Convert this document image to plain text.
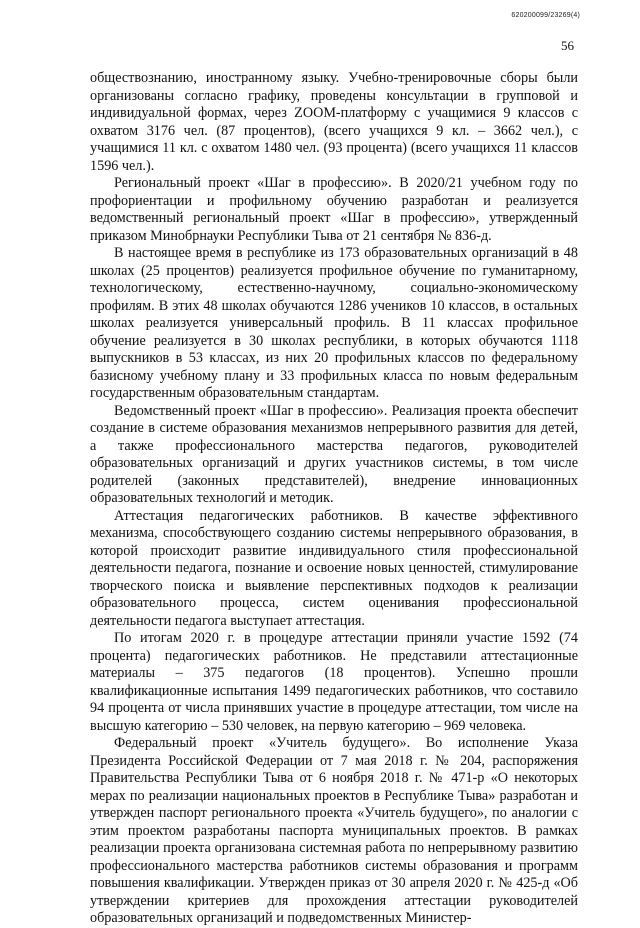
620200099/23269(4)
56

обществознанию, иностранному языку. Учебно-тренировочные сборы были организованы согласно графику, проведены консультации в групповой и индивидуальной формах, через ZOOM-платформу с учащимися 9 классов с охватом 3176 чел. (87 процентов), (всего учащихся 9 кл. – 3662 чел.), с учащимися 11 кл. с охватом 1480 чел. (93 процента) (всего учащихся 11 классов 1596 чел.).

Региональный проект «Шаг в профессию». В 2020/21 учебном году по профориентации и профильному обучению разработан и реализуется ведомственный региональный проект «Шаг в профессию», утвержденный приказом Минобрнауки Республики Тыва от 21 сентября № 836-д.

В настоящее время в республике из 173 образовательных организаций в 48 школах (25 процентов) реализуется профильное обучение по гуманитарному, технологическому, естественно-научному, социально-экономическому профилям. В этих 48 школах обучаются 1286 учеников 10 классов, в остальных школах реализуется универсальный профиль. В 11 классах профильное обучение реализуется в 30 школах республики, в которых обучаются 1118 выпускников в 53 классах, из них 20 профильных классов по федеральному базисному учебному плану и 33 профильных класса по новым федеральным государственным образовательным стандартам.

Ведомственный проект «Шаг в профессию». Реализация проекта обеспечит создание в системе образования механизмов непрерывного развития для детей, а также профессионального мастерства педагогов, руководителей образовательных организаций и других участников системы, в том числе родителей (законных представителей), внедрение инновационных образовательных технологий и методик.

Аттестация педагогических работников. В качестве эффективного механизма, способствующего созданию системы непрерывного образования, в которой происходит развитие индивидуального стиля профессиональной деятельности педагога, познание и освоение новых ценностей, стимулирование творческого поиска и выявление перспективных подходов к реализации образовательного процесса, систем оценивания профессиональной деятельности педагога выступает аттестация.

По итогам 2020 г. в процедуре аттестации приняли участие 1592 (74 процента) педагогических работников. Не представили аттестационные материалы – 375 педагогов (18 процентов). Успешно прошли квалификационные испытания 1499 педагогических работников, что составило 94 процента от числа принявших участие в процедуре аттестации, том числе на высшую категорию – 530 человек, на первую категорию – 969 человека.

Федеральный проект «Учитель будущего». Во исполнение Указа Президента Российской Федерации от 7 мая 2018 г. № 204, распоряжения Правительства Республики Тыва от 6 ноября 2018 г. № 471-р «О некоторых мерах по реализации национальных проектов в Республике Тыва» разработан и утвержден паспорт регионального проекта «Учитель будущего», по аналогии с этим проектом разработаны паспорта муниципальных проектов. В рамках реализации проекта организована системная работа по непрерывному развитию профессионального мастерства работников системы образования и программ повышения квалификации. Утвержден приказ от 30 апреля 2020 г. № 425-д «Об утверждении критериев для прохождения аттестации руководителей образовательных организаций и подведомственных Министер-
